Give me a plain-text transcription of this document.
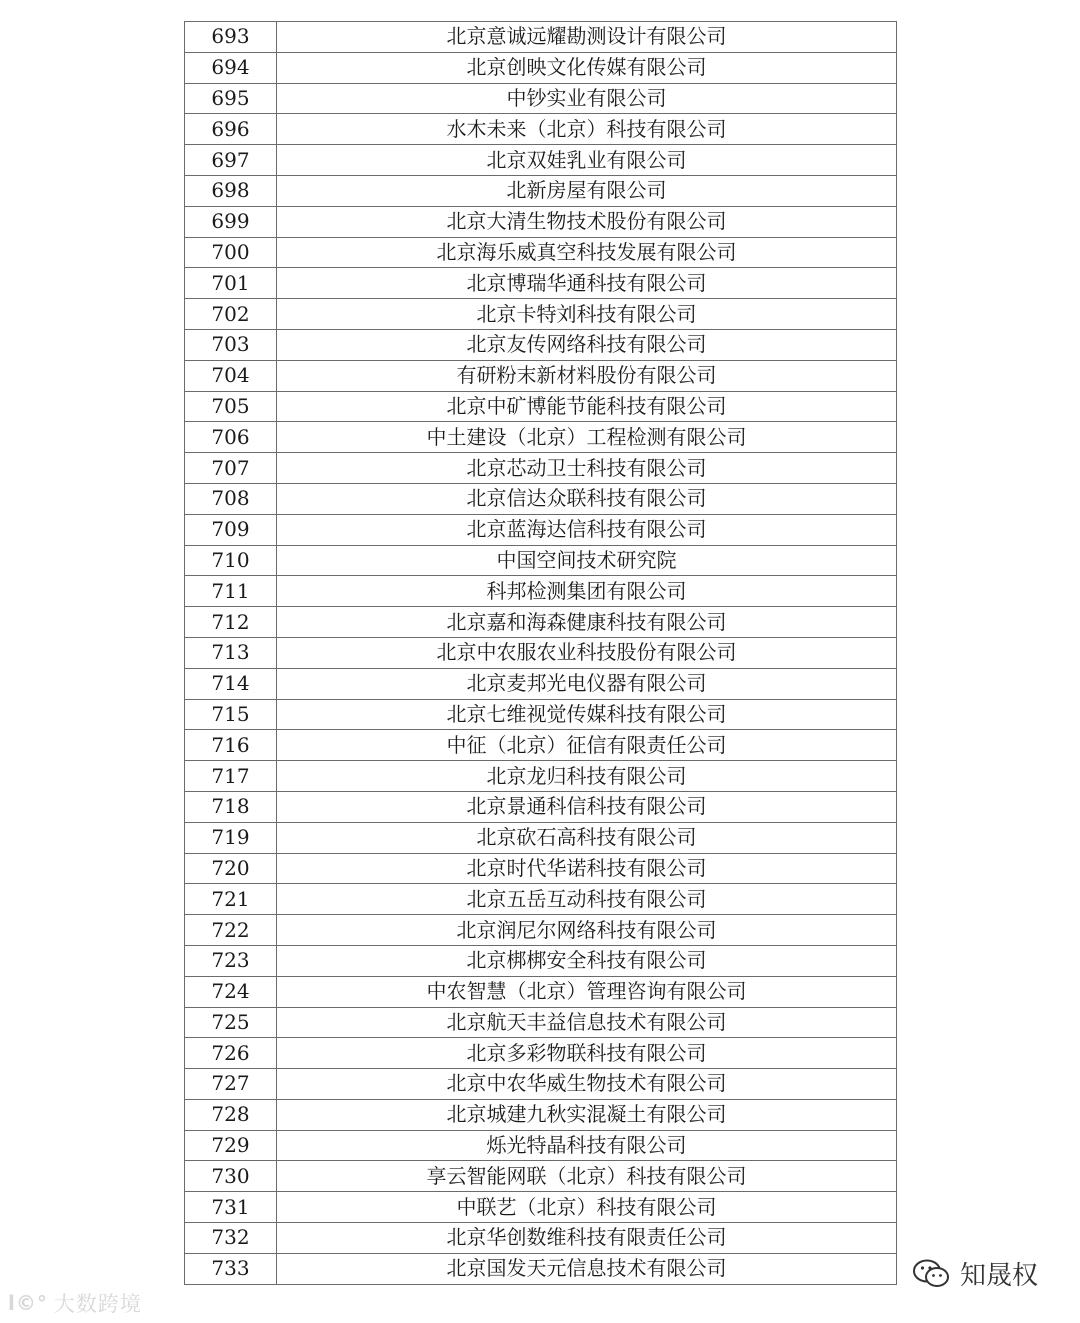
693	北京意诚远耀勘测设计有限公司
694	北京创映文化传媒有限公司
695	中钞实业有限公司
696	水木未来（北京）科技有限公司
697	北京双娃乳业有限公司
698	北新房屋有限公司
699	北京大清生物技术股份有限公司
700	北京海乐威真空科技发展有限公司
701	北京博瑞华通科技有限公司
702	北京卡特刘科技有限公司
703	北京友传网络科技有限公司
704	有研粉末新材料股份有限公司
705	北京中矿博能节能科技有限公司
706	中土建设（北京）工程检测有限公司
707	北京芯动卫士科技有限公司
708	北京信达众联科技有限公司
709	北京蓝海达信科技有限公司
710	中国空间技术研究院
711	科邦检测集团有限公司
712	北京嘉和海森健康科技有限公司
713	北京中农服农业科技股份有限公司
714	北京麦邦光电仪器有限公司
715	北京七维视觉传媒科技有限公司
716	中征（北京）征信有限责任公司
717	北京龙归科技有限公司
718	北京景通科信科技有限公司
719	北京砍石高科技有限公司
720	北京时代华诺科技有限公司
721	北京五岳互动科技有限公司
722	北京润尼尔网络科技有限公司
723	北京梆梆安全科技有限公司
724	中农智慧（北京）管理咨询有限公司
725	北京航天丰益信息技术有限公司
726	北京多彩物联科技有限公司
727	北京中农华威生物技术有限公司
728	北京城建九秋实混凝土有限公司
729	烁光特晶科技有限公司
730	享云智能网联（北京）科技有限公司
731	中联艺（北京）科技有限公司
732	北京华创数维科技有限责任公司
733	北京国发天元信息技术有限公司
l©° 大数跨境
知晟权
